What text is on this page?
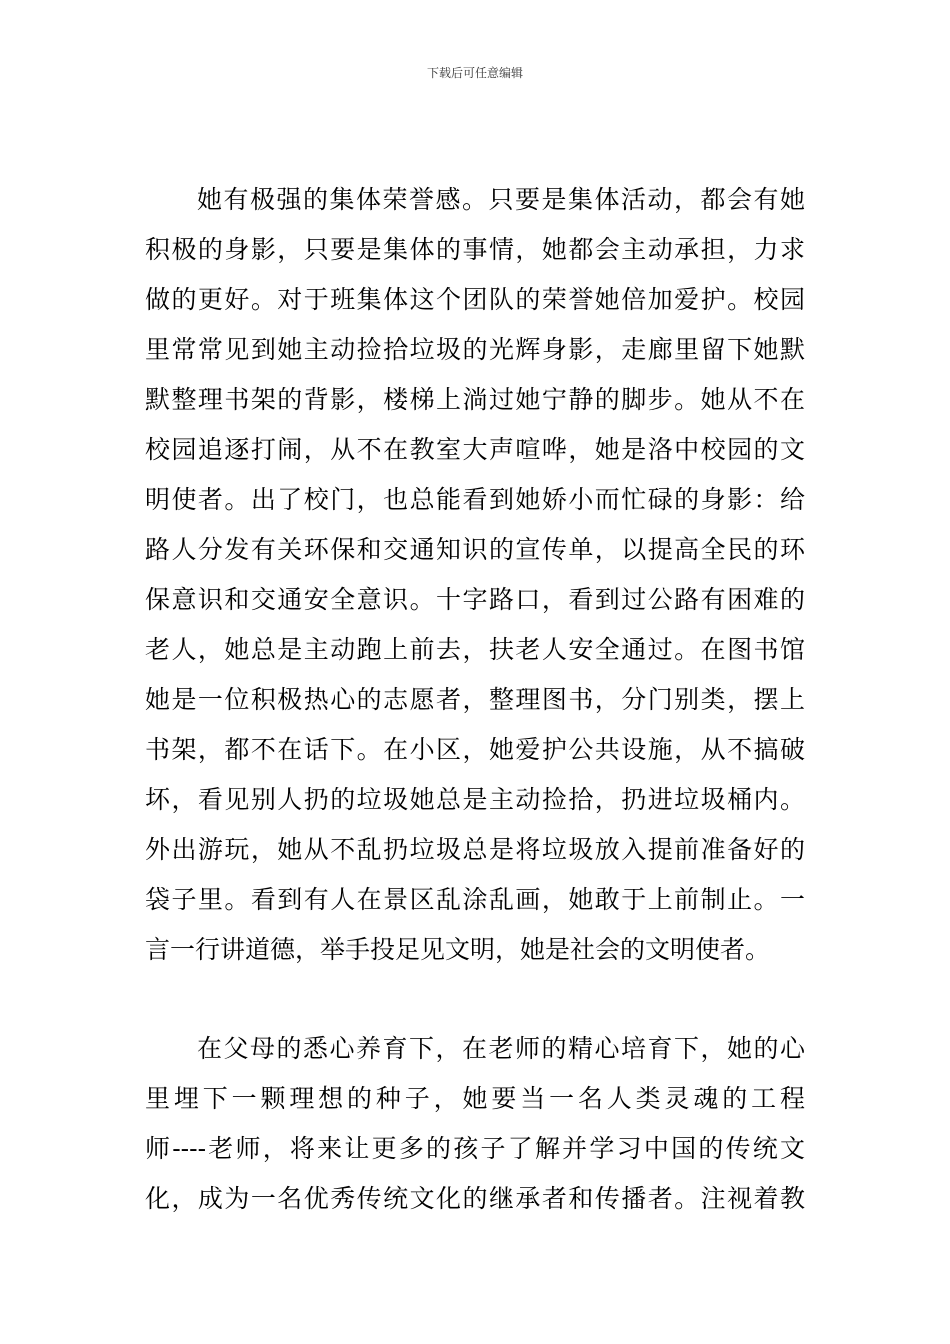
下载后可任意编辑
她有极强的集体荣誉感。只要是集体活动，都会有她
积极的身影，只要是集体的事情，她都会主动承担，力求
做的更好。对于班集体这个团队的荣誉她倍加爱护。校园
里常常见到她主动捡拾垃圾的光辉身影，走廊里留下她默
默整理书架的背影，楼梯上淌过她宁静的脚步。她从不在
校园追逐打闹，从不在教室大声喧哗，她是洛中校园的文
明使者。出了校门，也总能看到她娇小而忙碌的身影：给
路人分发有关环保和交通知识的宣传单，以提高全民的环
保意识和交通安全意识。十字路口，看到过公路有困难的
老人，她总是主动跑上前去，扶老人安全通过。在图书馆
她是一位积极热心的志愿者，整理图书，分门别类，摆上
书架，都不在话下。在小区，她爱护公共设施，从不搞破
坏，看见别人扔的垃圾她总是主动捡拾，扔进垃圾桶内。
外出游玩，她从不乱扔垃圾总是将垃圾放入提前准备好的
袋子里。看到有人在景区乱涂乱画，她敢于上前制止。一
言一行讲道德，举手投足见文明，她是社会的文明使者。
在父母的悉心养育下，在老师的精心培育下，她的心
里埋下一颗理想的种子，她要当一名人类灵魂的工程
师----老师，将来让更多的孩子了解并学习中国的传统文
化，成为一名优秀传统文化的继承者和传播者。注视着教
